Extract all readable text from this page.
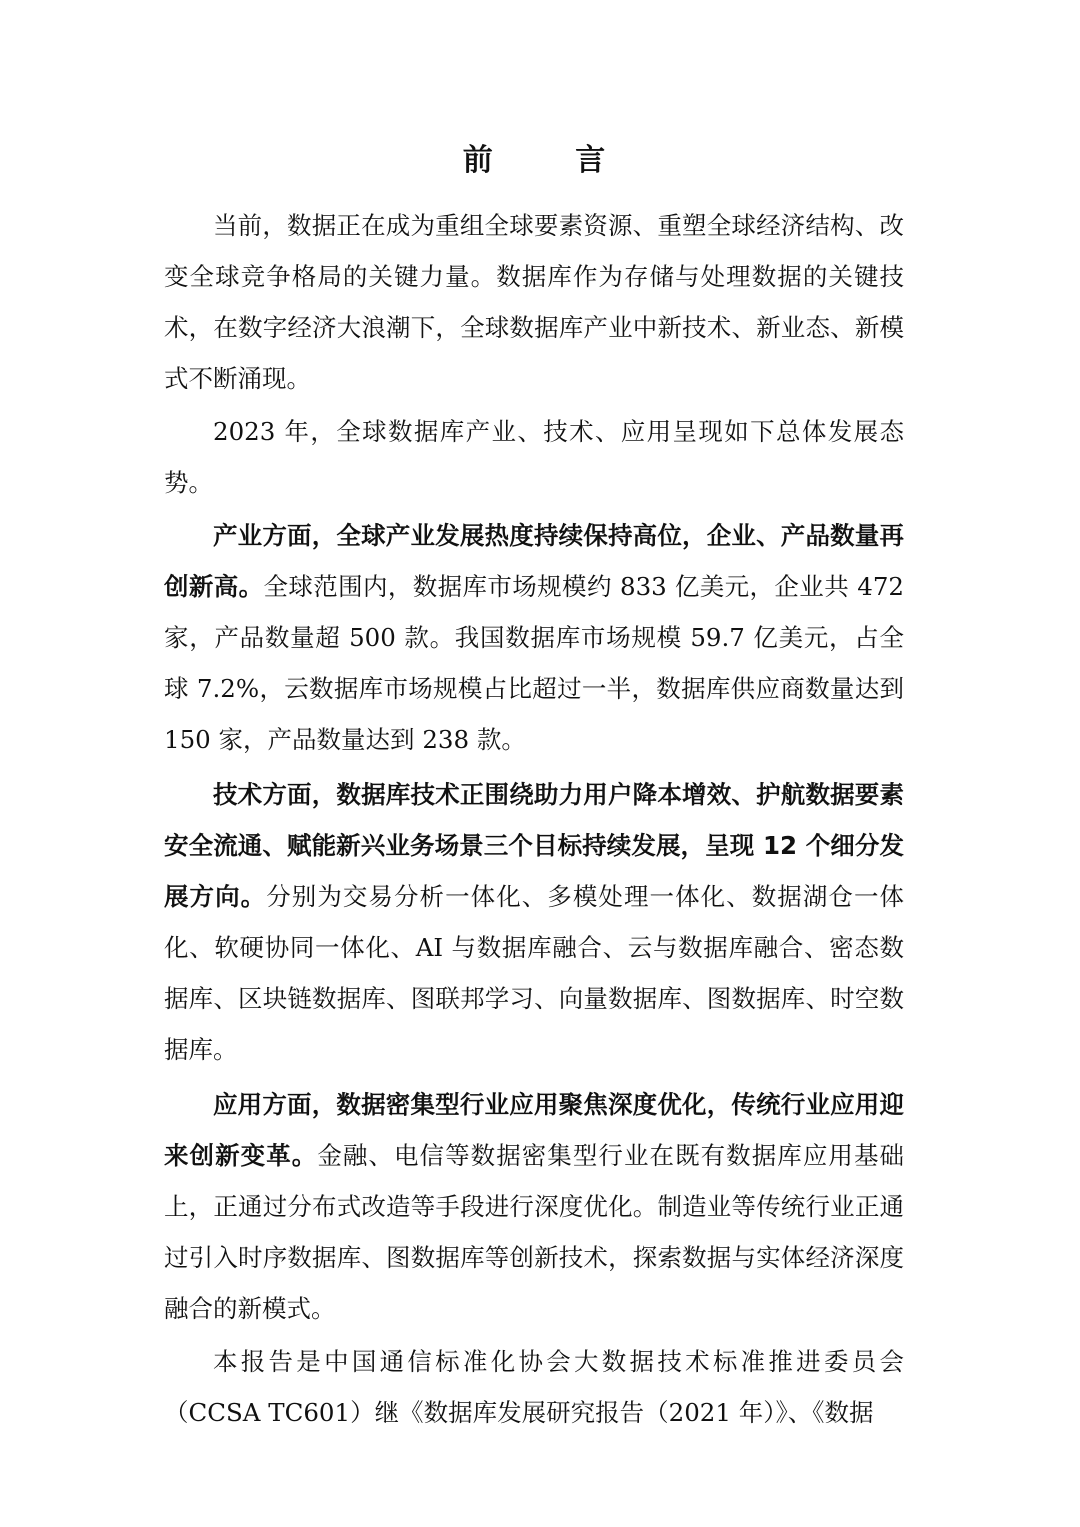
前 言

当前，数据正在成为重组全球要素资源、重塑全球经济结构、改变全球竞争格局的关键力量。数据库作为存储与处理数据的关键技术，在数字经济大浪潮下，全球数据库产业中新技术、新业态、新模式不断涌现。

2023 年，全球数据库产业、技术、应用呈现如下总体发展态势。

产业方面，全球产业发展热度持续保持高位，企业、产品数量再创新高。全球范围内，数据库市场规模约 833 亿美元，企业共 472 家，产品数量超 500 款。我国数据库市场规模 59.7 亿美元，占全球 7.2%，云数据库市场规模占比超过一半，数据库供应商数量达到 150 家，产品数量达到 238 款。

技术方面，数据库技术正围绕助力用户降本增效、护航数据要素安全流通、赋能新兴业务场景三个目标持续发展，呈现 12 个细分发展方向。分别为交易分析一体化、多模处理一体化、数据湖仓一体化、软硬协同一体化、AI 与数据库融合、云与数据库融合、密态数据库、区块链数据库、图联邦学习、向量数据库、图数据库、时空数据库。

应用方面，数据密集型行业应用聚焦深度优化，传统行业应用迎来创新变革。金融、电信等数据密集型行业在既有数据库应用基础上，正通过分布式改造等手段进行深度优化。制造业等传统行业正通过引入时序数据库、图数据库等创新技术，探索数据与实体经济深度融合的新模式。

本报告是中国通信标准化协会大数据技术标准推进委员会（CCSA TC601）继《数据库发展研究报告（2021 年）》、《数据
